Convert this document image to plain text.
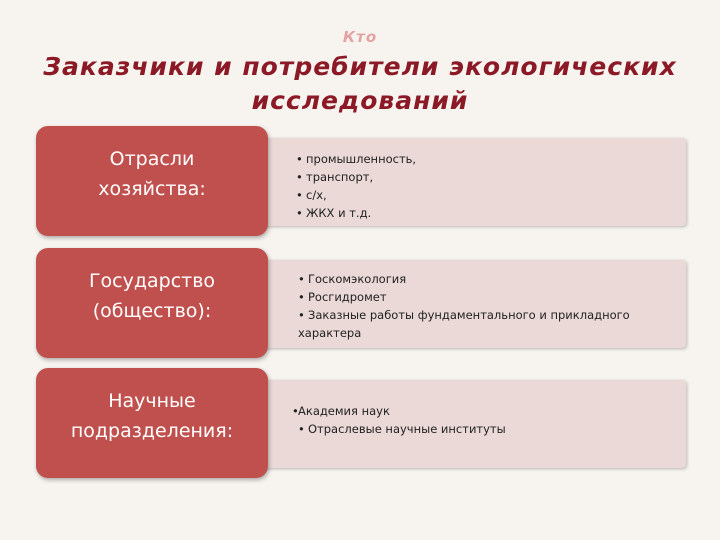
Кто
Заказчики и потребители экологических
исследований
• промышленность,
• транспорт,
• с/х,
• ЖКХ и т.д.
Отрасли
хозяйства:
• Госкомэкология
• Росгидромет
• Заказные работы фундаментального и прикладного
характера
Государство
(общество):
• Академия наук
• Отраслевые научные институты
Научные
подразделения:
